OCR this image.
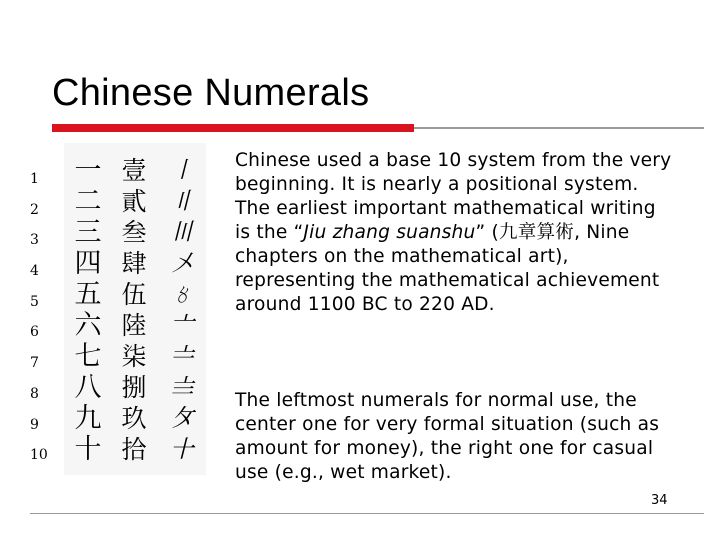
Chinese Numerals
1
2
3
4
5
6
7
8
9
10
一
二
三
四
五
六
七
八
九
十
壹
貳
叁
肆
伍
陸
柒
捌
玖
拾
〡
〢
〣
〤
〥
〦
〧
〨
〩
〸
Chinese used a base 10 system from the very beginning. It is nearly a positional system. The earliest important mathematical writing is the “Jiu zhang suanshu” (九章算術, Nine chapters on the mathematical art), representing the mathematical achievement around 1100 BC to 220 AD.
The leftmost numerals for normal use, the center one for very formal situation (such as amount for money), the right one for casual use (e.g., wet market).
34
